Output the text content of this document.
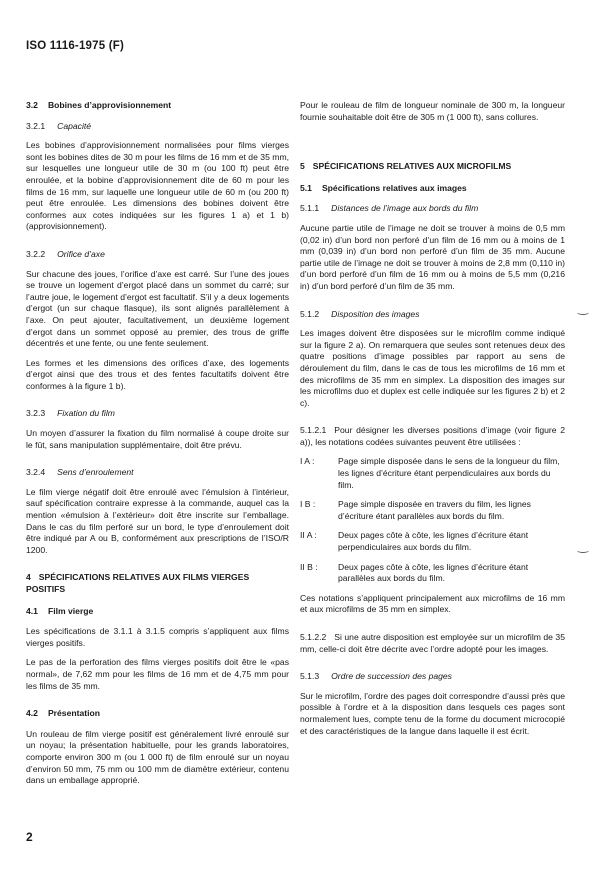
ISO 1116-1975 (F)
3.2 Bobines d’approvisionnement
3.2.1 Capacité

Les bobines d’approvisionnement normalisées pour films vierges sont les bobines dites de 30 m pour les films de 16 mm et de 35 mm, sur lesquelles une longueur utile de 30 m (ou 100 ft) peut être enroulée, et la bobine d’approvisionnement dite de 60 m pour les films de 16 mm, sur laquelle une longueur utile de 60 m (ou 200 ft) peut être enroulée. Les dimensions des bobines doivent être conformes aux cotes indiquées sur les figures 1 a) et 1 b) (approvisionnement).

3.2.2 Orifice d’axe

Sur chacune des joues, l’orifice d’axe est carré. Sur l’une des joues se trouve un logement d’ergot placé dans un sommet du carré; sur l’autre joue, le logement d’ergot est facultatif. S’il y a deux logements d’ergot (un sur chaque flasque), ils sont alignés parallèlement à l’axe. On peut ajouter, facultativement, un deuxième logement d’ergot dans un sommet opposé au premier, des trous de griffe décentrés et une fente, ou une fente seulement.

Les formes et les dimensions des orifices d’axe, des logements d’ergot ainsi que des trous et des fentes facultatifs doivent être conformes à la figure 1 b).

3.2.3 Fixation du film

Un moyen d’assurer la fixation du film normalisé à coupe droite sur le fût, sans manipulation supplémentaire, doit être prévu.

3.2.4 Sens d’enroulement

Le film vierge négatif doit être enroulé avec l’émulsion à l’intérieur, sauf spécification contraire expresse à la commande, auquel cas la mention «émulsion à l’extérieur» doit être inscrite sur l’emballage. Dans le cas du film perforé sur un bord, le type d’enroulement doit être indiqué par A ou B, conformément aux prescriptions de l’ISO/R 1200.

4 SPÉCIFICATIONS RELATIVES AUX FILMS VIERGES POSITIFS
4.1 Film vierge

Les spécifications de 3.1.1 à 3.1.5 compris s’appliquent aux films vierges positifs.

Le pas de la perforation des films vierges positifs doit être le «pas normal», de 7,62 mm pour les films de 16 mm et de 4,75 mm pour les films de 35 mm.

4.2 Présentation

Un rouleau de film vierge positif est généralement livré enroulé sur un noyau; la présentation habituelle, pour les grands laboratoires, comporte environ 300 m (ou 1 000 ft) de film enroulé sur un noyau d’environ 50 mm, 75 mm ou 100 mm de diamètre extérieur, contenu dans un emballage approprié.

Pour le rouleau de film de longueur nominale de 300 m, la longueur fournie souhaitable doit être de 305 m (1 000 ft), sans collures.

5 SPÉCIFICATIONS RELATIVES AUX MICROFILMS
5.1 Spécifications relatives aux images
5.1.1 Distances de l’image aux bords du film

Aucune partie utile de l’image ne doit se trouver à moins de 0,5 mm (0,02 in) d’un bord non perforé d’un film de 16 mm ou à moins de 1 mm (0,039 in) d’un bord non perforé d’un film de 35 mm. Aucune partie utile de l’image ne doit se trouver à moins de 2,8 mm (0,110 in) d’un bord perforé d’un film de 16 mm ou à moins de 5,5 mm (0,216 in) d’un bord perforé d’un film de 35 mm.

5.1.2 Disposition des images

Les images doivent être disposées sur le microfilm comme indiqué sur la figure 2 a). On remarquera que seules sont retenues deux des quatre positions d’image possibles par rapport au sens de déroulement du film, dans le cas de tous les microfilms de 16 mm et des microfilms de 35 mm en simplex. La disposition des images sur les microfilms duo et duplex est celle indiquée sur les figures 2 b) et 2 c).

5.1.2.1 Pour désigner les diverses positions d’image (voir figure 2 a)), les notations codées suivantes peuvent être utilisées :

I A :	Page simple disposée dans le sens de la longueur du film, les lignes d’écriture étant perpendiculaires aux bords du film.
I B :	Page simple disposée en travers du film, les lignes d’écriture étant parallèles aux bords du film.
II A : Deux pages côte à côte, les lignes d’écriture étant perpendiculaires aux bords du film.
II B : Deux pages côte à côte, les lignes d’écriture étant parallèles aux bords du film.

Ces notations s’appliquent principalement aux microfilms de 16 mm et aux microfilms de 35 mm en simplex.

5.1.2.2 Si une autre disposition est employée sur un microfilm de 35 mm, celle-ci doit être décrite avec l’ordre adopté pour les images.

5.1.3 Ordre de succession des pages

Sur le microfilm, l’ordre des pages doit correspondre d’aussi près que possible à l’ordre et à la disposition dans lesquels ces pages sont normalement lues, compte tenu de la forme du document microcopié et des caractéristiques de la langue dans laquelle il est écrit.

2
